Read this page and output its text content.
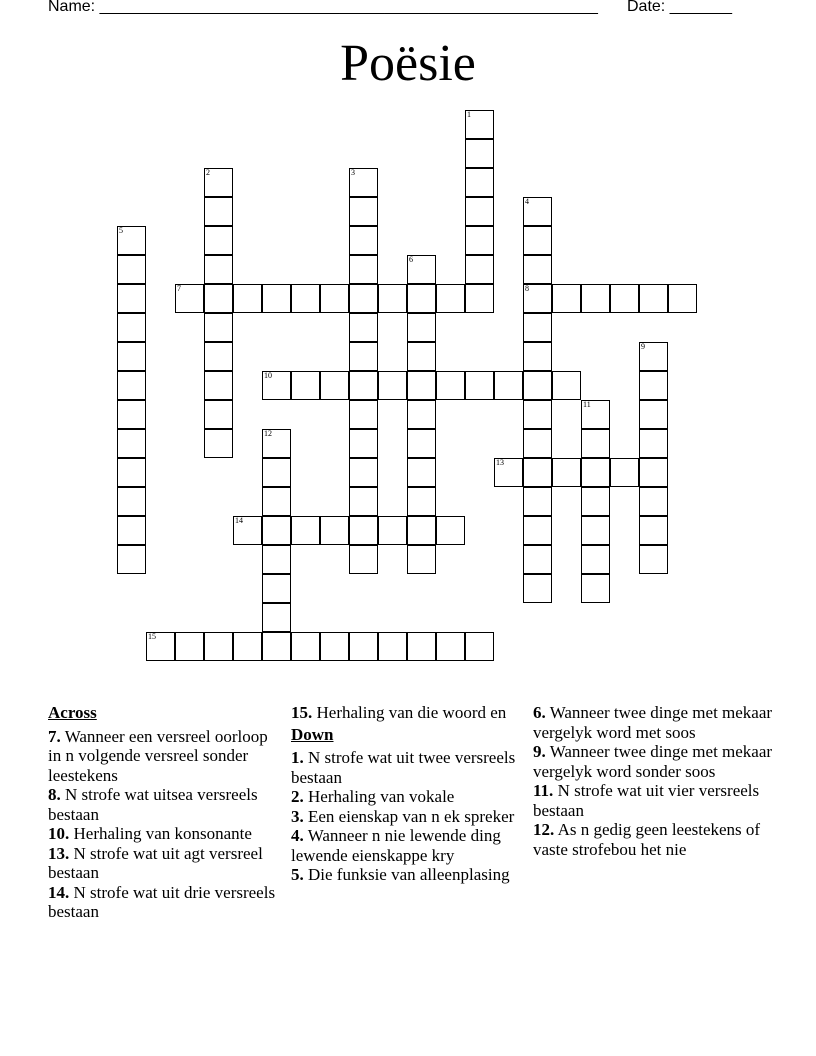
Name: ________________________________________________________ Date: _______
Poësie
1
2	3
4
8
5
6
7
9
10
11
12
13
14
15
Across
7. Wanneer een versreel oorloop in n volgende versreel sonder leestekens
8. N strofe wat uitsea versreels bestaan
10. Herhaling van konsonante
13. N strofe wat uit agt versreel bestaan
14. N strofe wat uit drie versreels bestaan
15. Herhaling van die woord en
Down
1. N strofe wat uit twee versreels bestaan
2. Herhaling van vokale
3. Een eienskap van n ek spreker
4. Wanneer n nie lewende ding lewende eienskappe kry
5. Die funksie van alleenplasing
6. Wanneer twee dinge met mekaar vergelyk word met soos
9. Wanneer twee dinge met mekaar vergelyk word sonder soos
11. N strofe wat uit vier versreels bestaan
12. As n gedig geen leestekens of vaste strofebou het nie
